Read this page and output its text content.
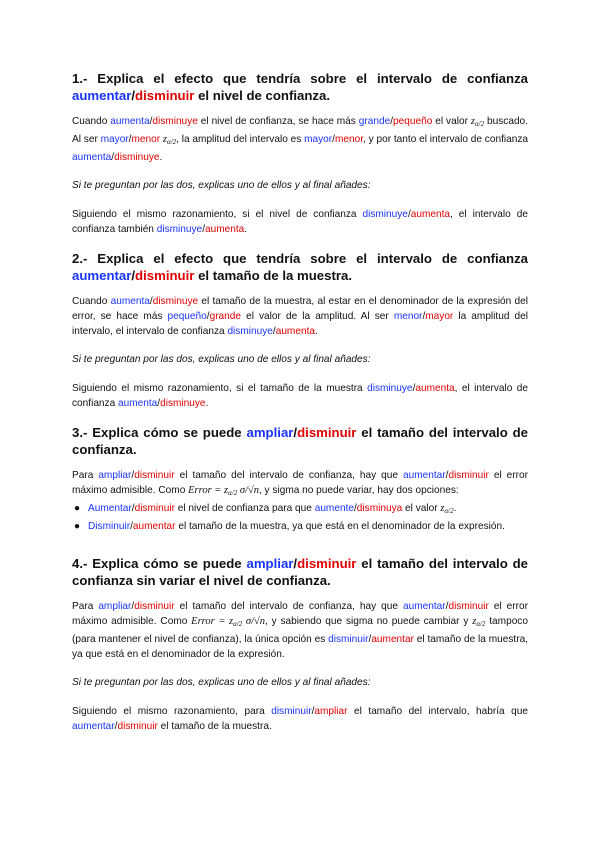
1.- Explica el efecto que tendría sobre el intervalo de confianza aumentar/disminuir el nivel de confianza.

Cuando aumenta/disminuye el nivel de confianza, se hace más grande/pequeño el valor $z_{\alpha/2}$ buscado. Al ser mayor/menor $z_{\alpha/2}$, la amplitud del intervalo es mayor/menor, y por tanto el intervalo de confianza aumenta/disminuye.

Si te preguntan por las dos, explicas uno de ellos y al final añades:

Siguiendo el mismo razonamiento, si el nivel de confianza disminuye/aumenta, el intervalo de confianza también disminuye/aumenta.

2.- Explica el efecto que tendría sobre el intervalo de confianza aumentar/disminuir el tamaño de la muestra.

Cuando aumenta/disminuye el tamaño de la muestra, al estar en el denominador de la expresión del error, se hace más pequeño/grande el valor de la amplitud. Al ser menor/mayor la amplitud del intervalo, el intervalo de confianza disminuye/aumenta.

Si te preguntan por las dos, explicas uno de ellos y al final añades:

Siguiendo el mismo razonamiento, si el tamaño de la muestra disminuye/aumenta, el intervalo de confianza aumenta/disminuye.

3.- Explica cómo se puede ampliar/disminuir el tamaño del intervalo de confianza.

Para ampliar/disminuir el tamaño del intervalo de confianza, hay que aumentar/disminuir el error máximo admisible. Como Error = $z_{\alpha/2}$ σ/√n, y sigma no puede variar, hay dos opciones:

● Aumentar/disminuir el nivel de confianza para que aumente/disminuya el valor $z_{\alpha/2}$.
● Disminuir/aumentar el tamaño de la muestra, ya que está en el denominador de la expresión.
4.- Explica cómo se puede ampliar/disminuir el tamaño del intervalo de confianza sin variar el nivel de confianza.

Para ampliar/disminuir el tamaño del intervalo de confianza, hay que aumentar/disminuir el error máximo admisible. Como Error = $z_{\alpha/2}$ σ/√n, y sabiendo que sigma no puede cambiar y $z_{\alpha/2}$ tampoco (para mantener el nivel de confianza), la única opción es disminuir/aumentar el tamaño de la muestra, ya que está en el denominador de la expresión.

Si te preguntan por las dos, explicas uno de ellos y al final añades:

Siguiendo el mismo razonamiento, para disminuir/ampliar el tamaño del intervalo, habría que aumentar/disminuir el tamaño de la muestra.
